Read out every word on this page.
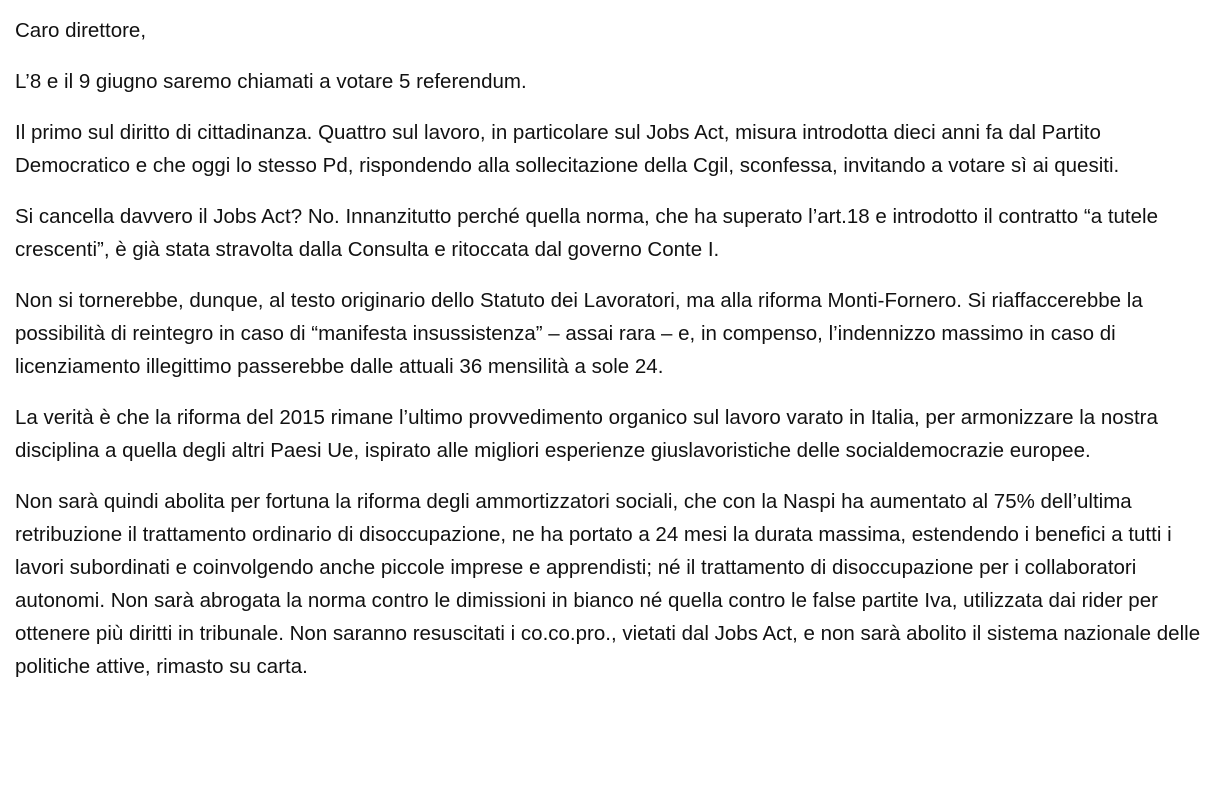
Caro direttore,

L’8 e il 9 giugno saremo chiamati a votare 5 referendum.

Il primo sul diritto di cittadinanza. Quattro sul lavoro, in particolare sul Jobs Act, misura introdotta dieci anni fa dal Partito Democratico e che oggi lo stesso Pd, rispondendo alla sollecitazione della Cgil, sconfessa, invitando a votare sì ai quesiti.

Si cancella davvero il Jobs Act? No. Innanzitutto perché quella norma, che ha superato l’art.18 e introdotto il contratto “a tutele crescenti”, è già stata stravolta dalla Consulta e ritoccata dal governo Conte I.

Non si tornerebbe, dunque, al testo originario dello Statuto dei Lavoratori, ma alla riforma Monti-Fornero. Si riaffaccerebbe la possibilità di reintegro in caso di “manifesta insussistenza” – assai rara – e, in compenso, l’indennizzo massimo in caso di licenziamento illegittimo passerebbe dalle attuali 36 mensilità a sole 24.

La verità è che la riforma del 2015 rimane l’ultimo provvedimento organico sul lavoro varato in Italia, per armonizzare la nostra disciplina a quella degli altri Paesi Ue, ispirato alle migliori esperienze giuslavoristiche delle socialdemocrazie europee.

Non sarà quindi abolita per fortuna la riforma degli ammortizzatori sociali, che con la Naspi ha aumentato al 75% dell’ultima retribuzione il trattamento ordinario di disoccupazione, ne ha portato a 24 mesi la durata massima, estendendo i benefici a tutti i lavori subordinati e coinvolgendo anche piccole imprese e apprendisti; né il trattamento di disoccupazione per i collaboratori autonomi. Non sarà abrogata la norma contro le dimissioni in bianco né quella contro le false partite Iva, utilizzata dai rider per ottenere più diritti in tribunale. Non saranno resuscitati i co.co.pro., vietati dal Jobs Act, e non sarà abolito il sistema nazionale delle politiche attive, rimasto su carta.
